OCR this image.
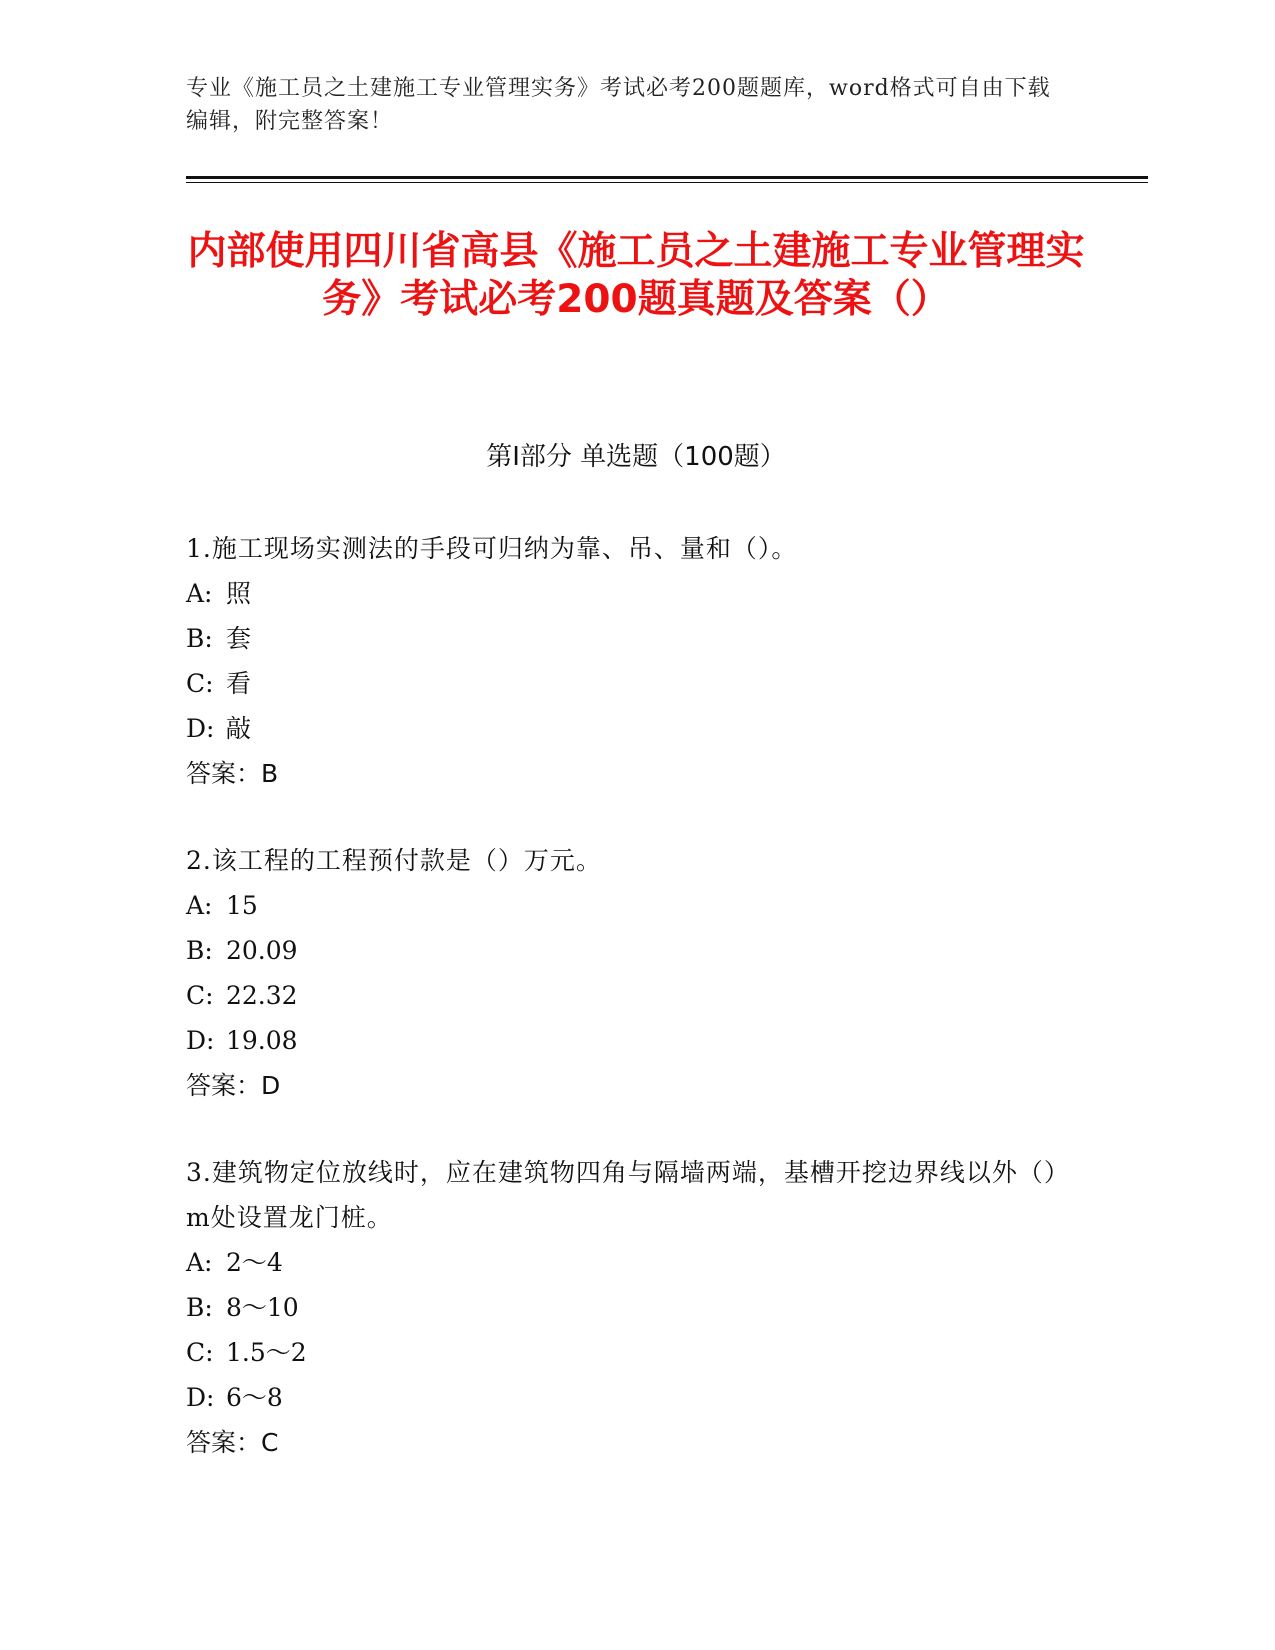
专业《施工员之土建施工专业管理实务》考试必考200题题库，word格式可自由下载编辑，附完整答案！
内部使用四川省高县《施工员之土建施工专业管理实务》考试必考200题真题及答案（）
第Ⅰ部分 单选题（100题）
1.施工现场实测法的手段可归纳为靠、吊、量和（）。
A: 照
B: 套
C: 看
D: 敲
答案：B
2.该工程的工程预付款是（）万元。
A: 15
B: 20.09
C: 22.32
D: 19.08
答案：D
3.建筑物定位放线时，应在建筑物四角与隔墙两端，基槽开挖边界线以外（）m处设置龙门桩。
A: 2～4
B: 8～10
C: 1.5～2
D: 6～8
答案：C
